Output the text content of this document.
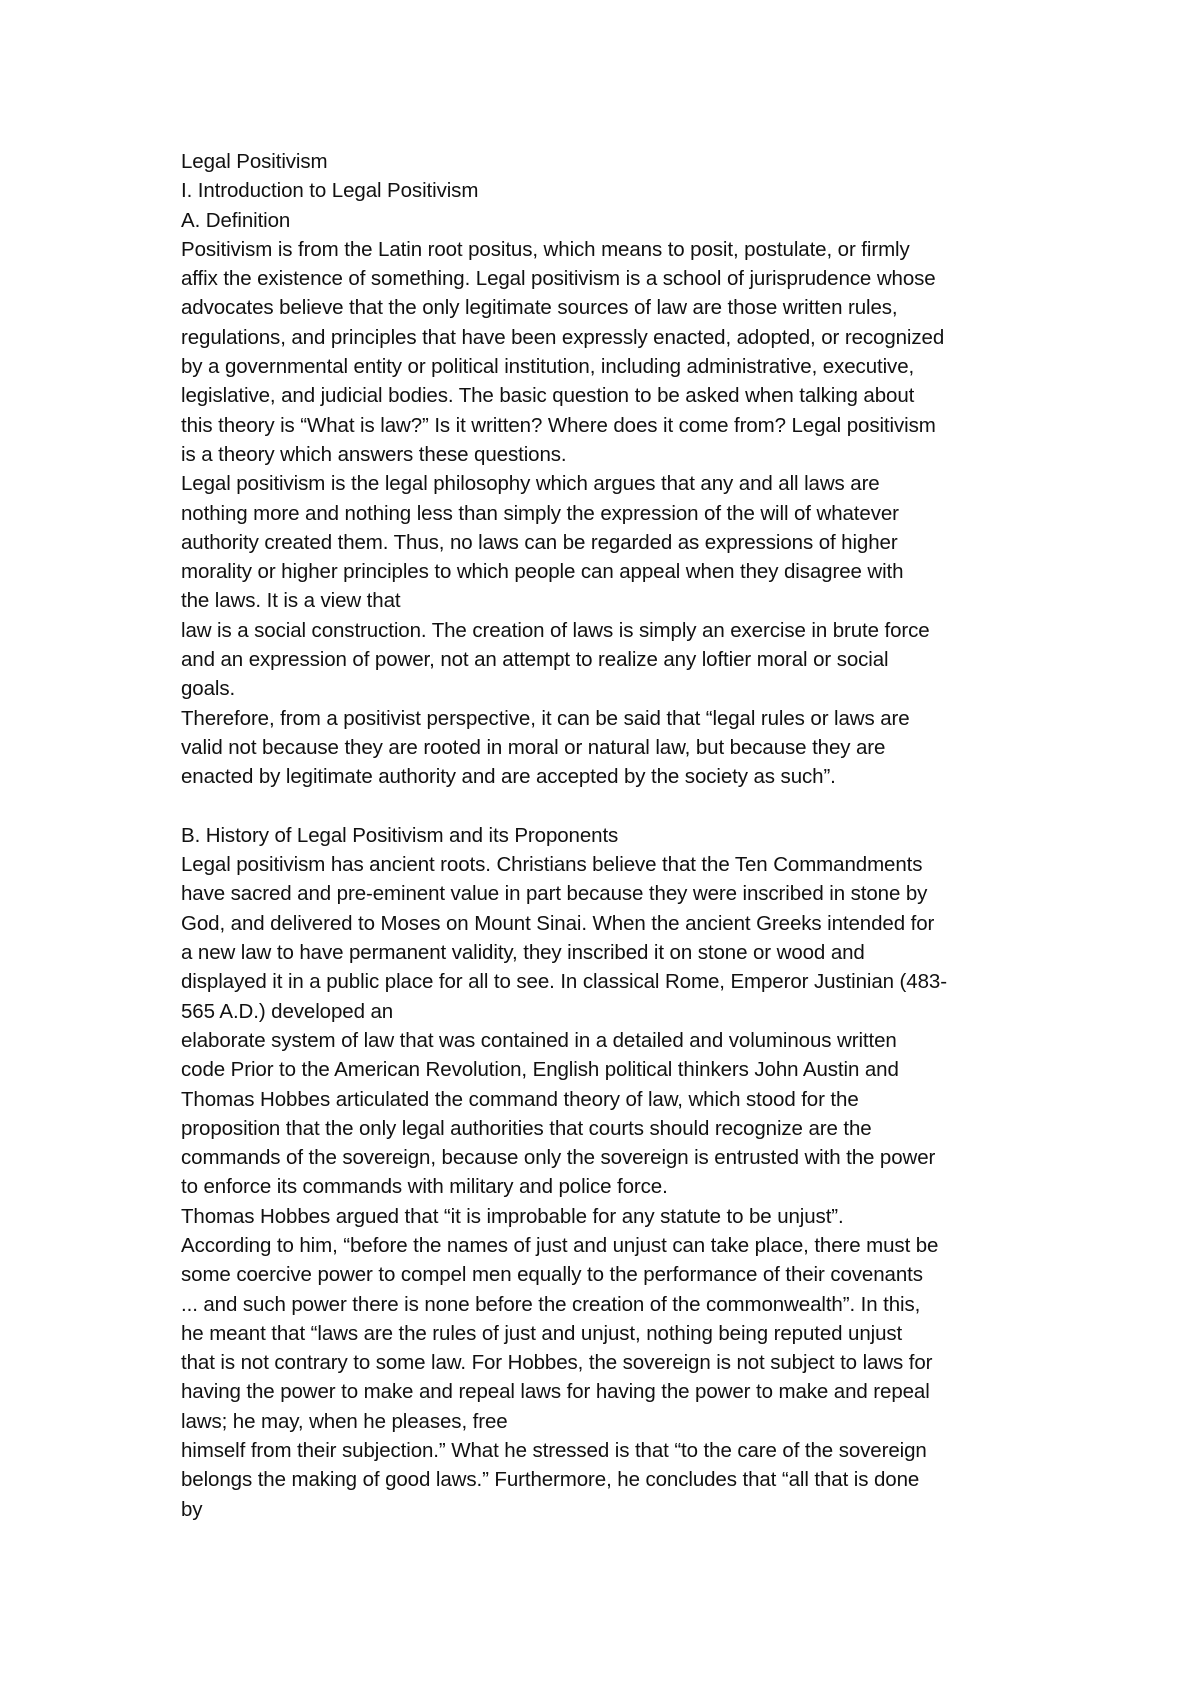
Legal Positivism
I. Introduction to Legal Positivism
A. Definition
Positivism is from the Latin root positus, which means to posit, postulate, or firmly
affix the existence of something. Legal positivism is a school of jurisprudence whose
advocates believe that the only legitimate sources of law are those written rules,
regulations, and principles that have been expressly enacted, adopted, or recognized
by a governmental entity or political institution, including administrative, executive,
legislative, and judicial bodies. The basic question to be asked when talking about
this theory is “What is law?” Is it written? Where does it come from? Legal positivism
is a theory which answers these questions.
Legal positivism is the legal philosophy which argues that any and all laws are
nothing more and nothing less than simply the expression of the will of whatever
authority created them. Thus, no laws can be regarded as expressions of higher
morality or higher principles to which people can appeal when they disagree with
the laws. It is a view that
law is a social construction. The creation of laws is simply an exercise in brute force
and an expression of power, not an attempt to realize any loftier moral or social
goals.
Therefore, from a positivist perspective, it can be said that “legal rules or laws are
valid not because they are rooted in moral or natural law, but because they are
enacted by legitimate authority and are accepted by the society as such”.
B. History of Legal Positivism and its Proponents
Legal positivism has ancient roots. Christians believe that the Ten Commandments
have sacred and pre-eminent value in part because they were inscribed in stone by
God, and delivered to Moses on Mount Sinai. When the ancient Greeks intended for
a new law to have permanent validity, they inscribed it on stone or wood and
displayed it in a public place for all to see. In classical Rome, Emperor Justinian (483-
565 A.D.) developed an
elaborate system of law that was contained in a detailed and voluminous written
code Prior to the American Revolution, English political thinkers John Austin and
Thomas Hobbes articulated the command theory of law, which stood for the
proposition that the only legal authorities that courts should recognize are the
commands of the sovereign, because only the sovereign is entrusted with the power
to enforce its commands with military and police force.
Thomas Hobbes argued that “it is improbable for any statute to be unjust”.
According to him, “before the names of just and unjust can take place, there must be
some coercive power to compel men equally to the performance of their covenants
... and such power there is none before the creation of the commonwealth”. In this,
he meant that “laws are the rules of just and unjust, nothing being reputed unjust
that is not contrary to some law. For Hobbes, the sovereign is not subject to laws for
having the power to make and repeal laws for having the power to make and repeal
laws; he may, when he pleases, free
himself from their subjection.” What he stressed is that “to the care of the sovereign
belongs the making of good laws.” Furthermore, he concludes that “all that is done
by
